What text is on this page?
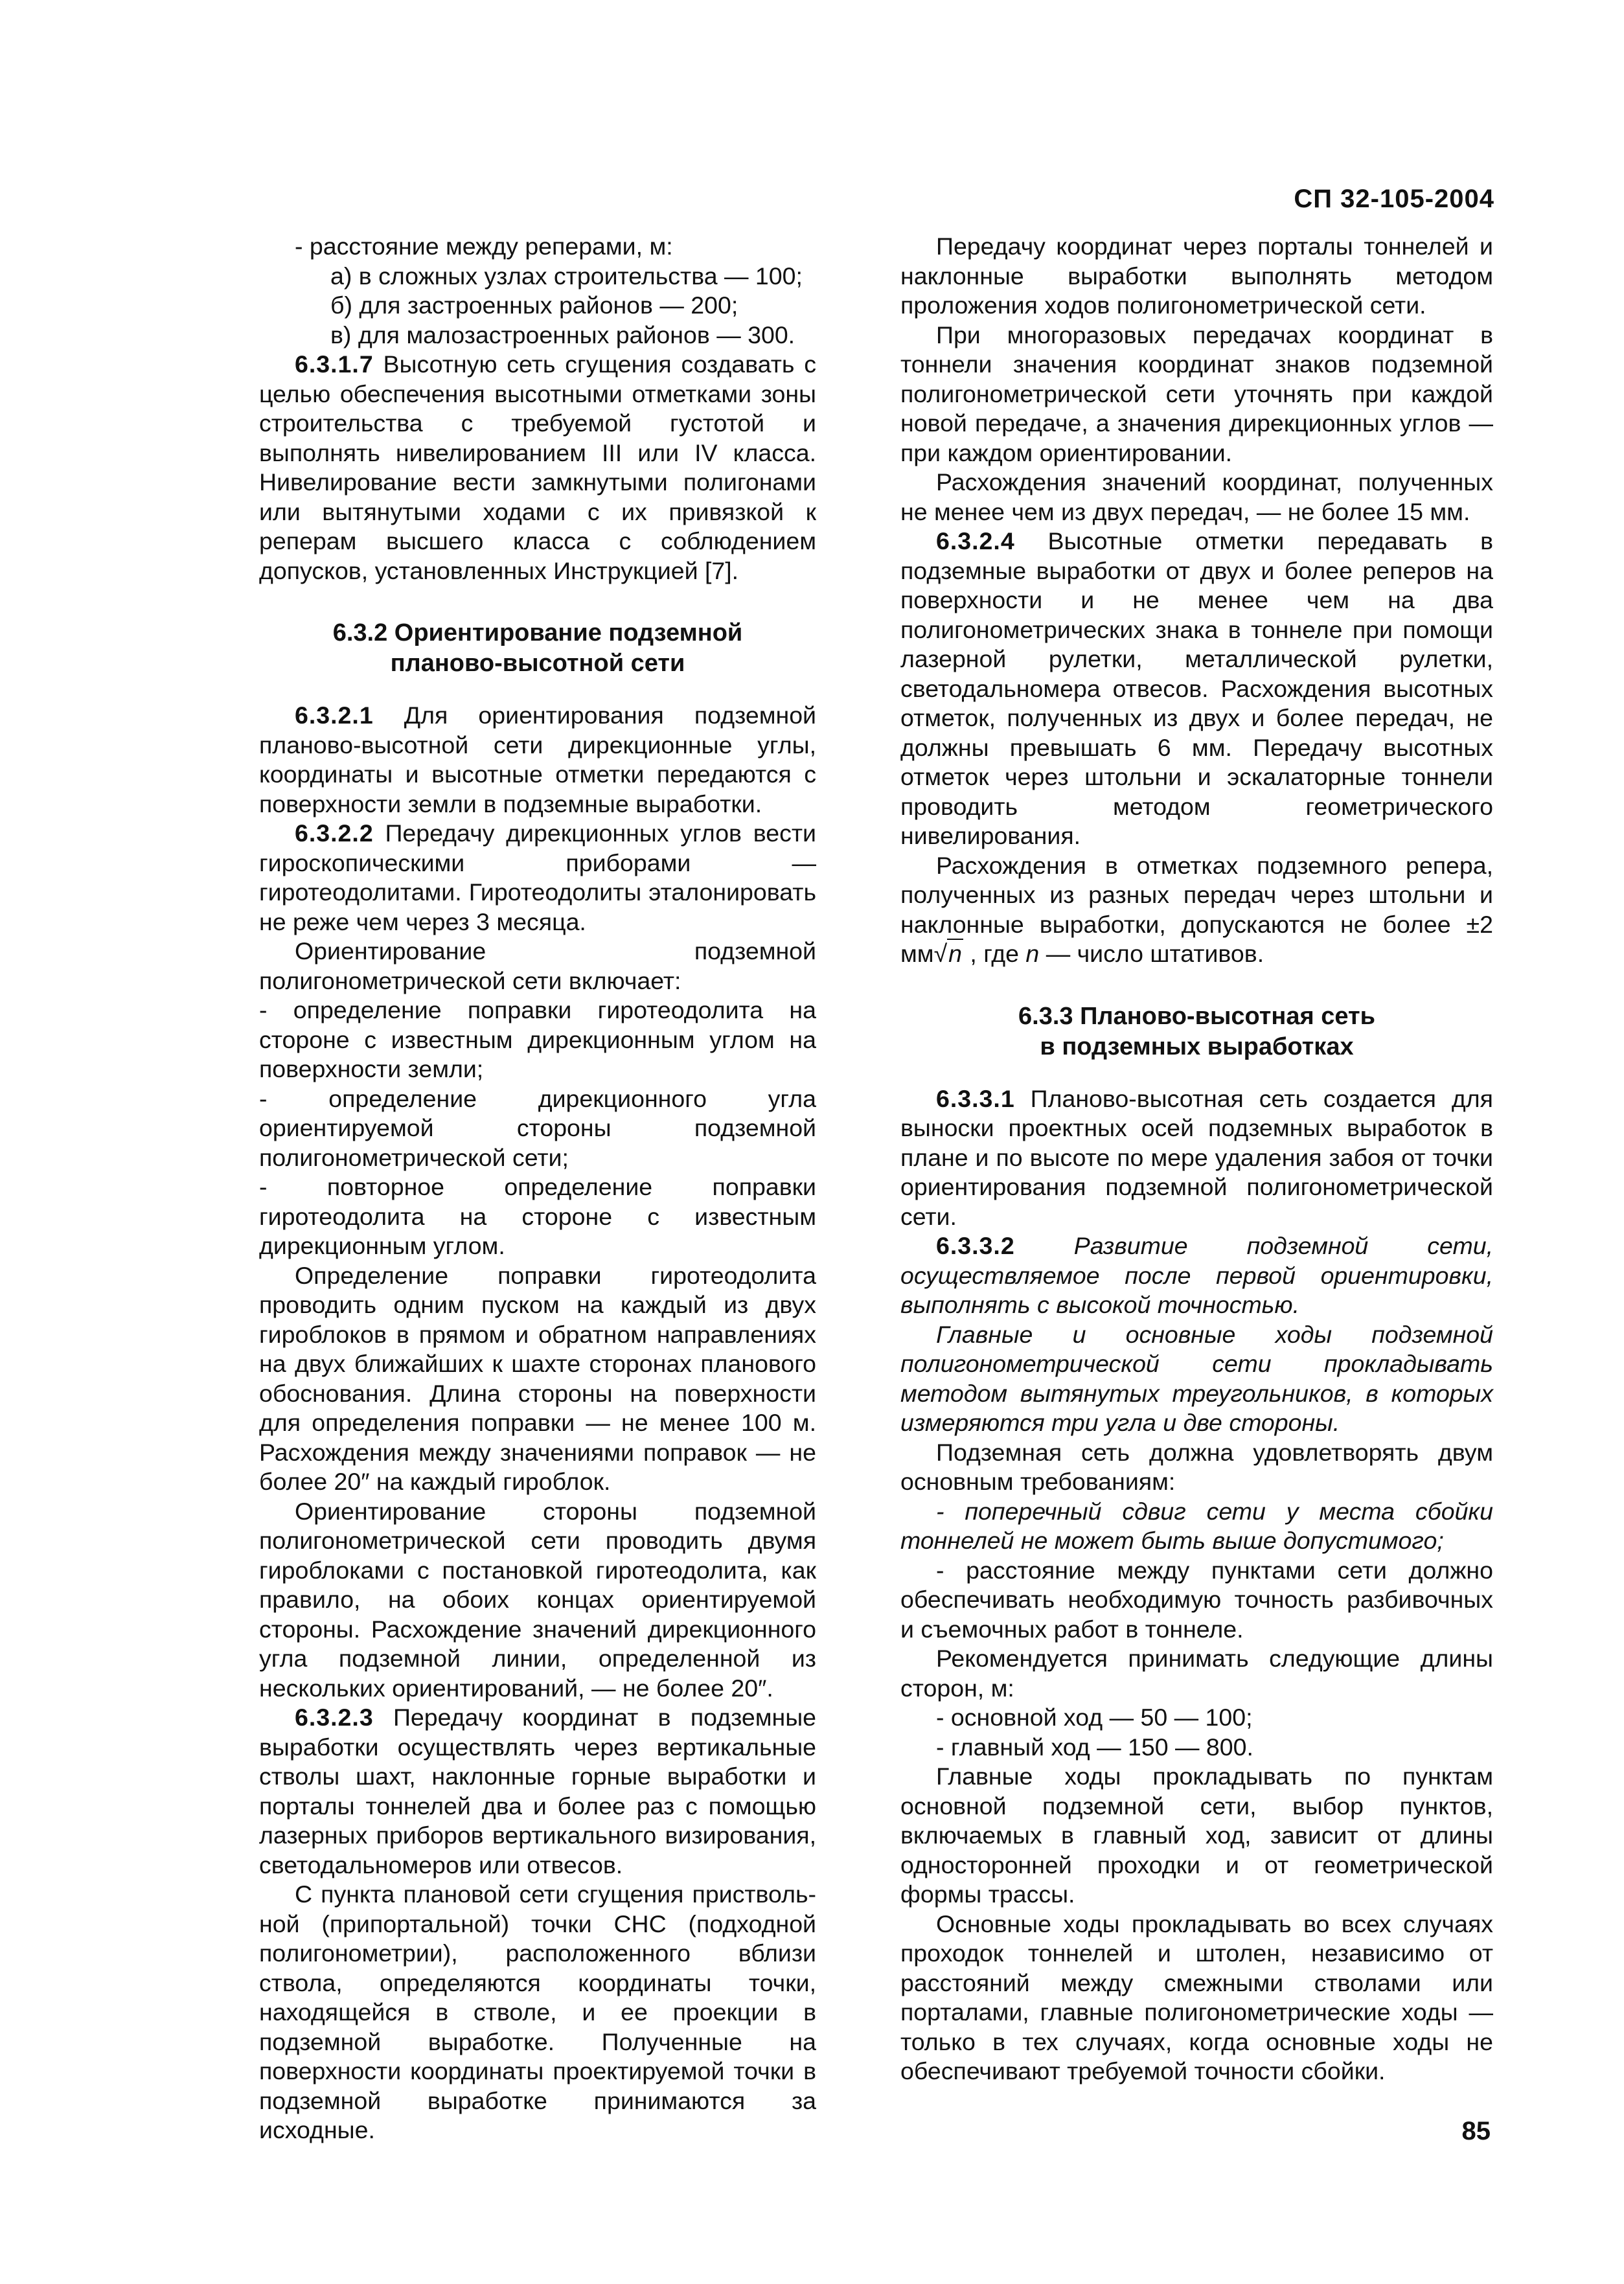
СП 32-105-2004

- расстояние между реперами, м:

а) в сложных узлах строительства — 100;

б) для застроенных районов — 200;

в) для малозастроенных районов — 300.

6.3.1.7 Высотную сеть сгущения создавать с целью обеспечения высотными отметками зоны строительства с требуемой густотой и выполнять нивелированием III или IV класса. Нивелирование вести замкнутыми полигонами или вытянутыми ходами с их привязкой к реперам высшего класса с соблюдением допусков, установленных Инструкцией [7].

6.3.2 Ориентирование подземной
планово-высотной сети

6.3.2.1 Для ориентирования подземной планово-высотной сети дирекционные углы, координаты и высотные отметки передаются с поверхности земли в подземные выработки.

6.3.2.2 Передачу дирекционных углов вести гироскопическими приборами — гиротеодолитами. Гиротеодолиты эталонировать не реже чем через 3 месяца.

Ориентирование подземной полигонометрической сети включает:

- определение поправки гиротеодолита на стороне с известным дирекционным углом на поверхности земли;

- определение дирекционного угла ориентируемой стороны подземной полигонометрической сети;

- повторное определение поправки гиротеодолита на стороне с известным дирекционным углом.

Определение поправки гиротеодолита проводить одним пуском на каждый из двух гироблоков в прямом и обратном направлениях на двух ближайших к шахте сторонах планового обоснования. Длина стороны на поверхности для определения поправки — не менее 100 м. Расхождения между значениями поправок — не более 20″ на каждый гироблок.

Ориентирование стороны подземной полигонометрической сети проводить двумя гироблоками с постановкой гиротеодолита, как правило, на обоих концах ориентируемой стороны. Расхождение значений дирекционного угла подземной линии, определенной из нескольких ориентирований, — не более 20″.

6.3.2.3 Передачу координат в подземные выработки осуществлять через вертикальные стволы шахт, наклонные горные выработки и порталы тоннелей два и более раз с помощью лазерных приборов вертикального визирования, светодальномеров или отвесов.

С пункта плановой сети сгущения пристволь-ной (припортальной) точки СНС (подходной полигонометрии), расположенного вблизи ствола, определяются координаты точки, находящейся в стволе, и ее проекции в подземной выработке. Полученные на поверхности координаты проектируемой точки в подземной выработке принимаются за исходные.

Передачу координат через порталы тоннелей и наклонные выработки выполнять методом проложения ходов полигонометрической сети.

При многоразовых передачах координат в тоннели значения координат знаков подземной полигонометрической сети уточнять при каждой новой передаче, а значения дирекционных углов — при каждом ориентировании.

Расхождения значений координат, полученных не менее чем из двух передач, — не более 15 мм.

6.3.2.4 Высотные отметки передавать в подземные выработки от двух и более реперов на поверхности и не менее чем на два полигонометрических знака в тоннеле при помощи лазерной рулетки, металлической рулетки, светодальномера отвесов. Расхождения высотных отметок, полученных из двух и более передач, не должны превышать 6 мм. Передачу высотных отметок через штольни и эскалаторные тоннели проводить методом геометрического нивелирования.

Расхождения в отметках подземного репера, полученных из разных передач через штольни и наклонные выработки, допускаются не более ±2 мм√n , где n — число штативов.

6.3.3 Планово-высотная сеть
в подземных выработках

6.3.3.1 Планово-высотная сеть создается для выноски проектных осей подземных выработок в плане и по высоте по мере удаления забоя от точки ориентирования подземной полигонометрической сети.

6.3.3.2 Развитие подземной сети, осуществляемое после первой ориентировки, выполнять с высокой точностью.

Главные и основные ходы подземной полигонометрической сети прокладывать методом вытянутых треугольников, в которых измеряются три угла и две стороны.

Подземная сеть должна удовлетворять двум основным требованиям:

- поперечный сдвиг сети у места сбойки тоннелей не может быть выше допустимого;

- расстояние между пунктами сети должно обеспечивать необходимую точность разбивочных и съемочных работ в тоннеле.

Рекомендуется принимать следующие длины сторон, м:

- основной ход — 50 — 100;

- главный ход — 150 — 800.

Главные ходы прокладывать по пунктам основной подземной сети, выбор пунктов, включаемых в главный ход, зависит от длины односторонней проходки и от геометрической формы трассы.

Основные ходы прокладывать во всех случаях проходок тоннелей и штолен, независимо от расстояний между смежными стволами или порталами, главные полигонометрические ходы — только в тех случаях, когда основные ходы не обеспечивают требуемой точности сбойки.

85
